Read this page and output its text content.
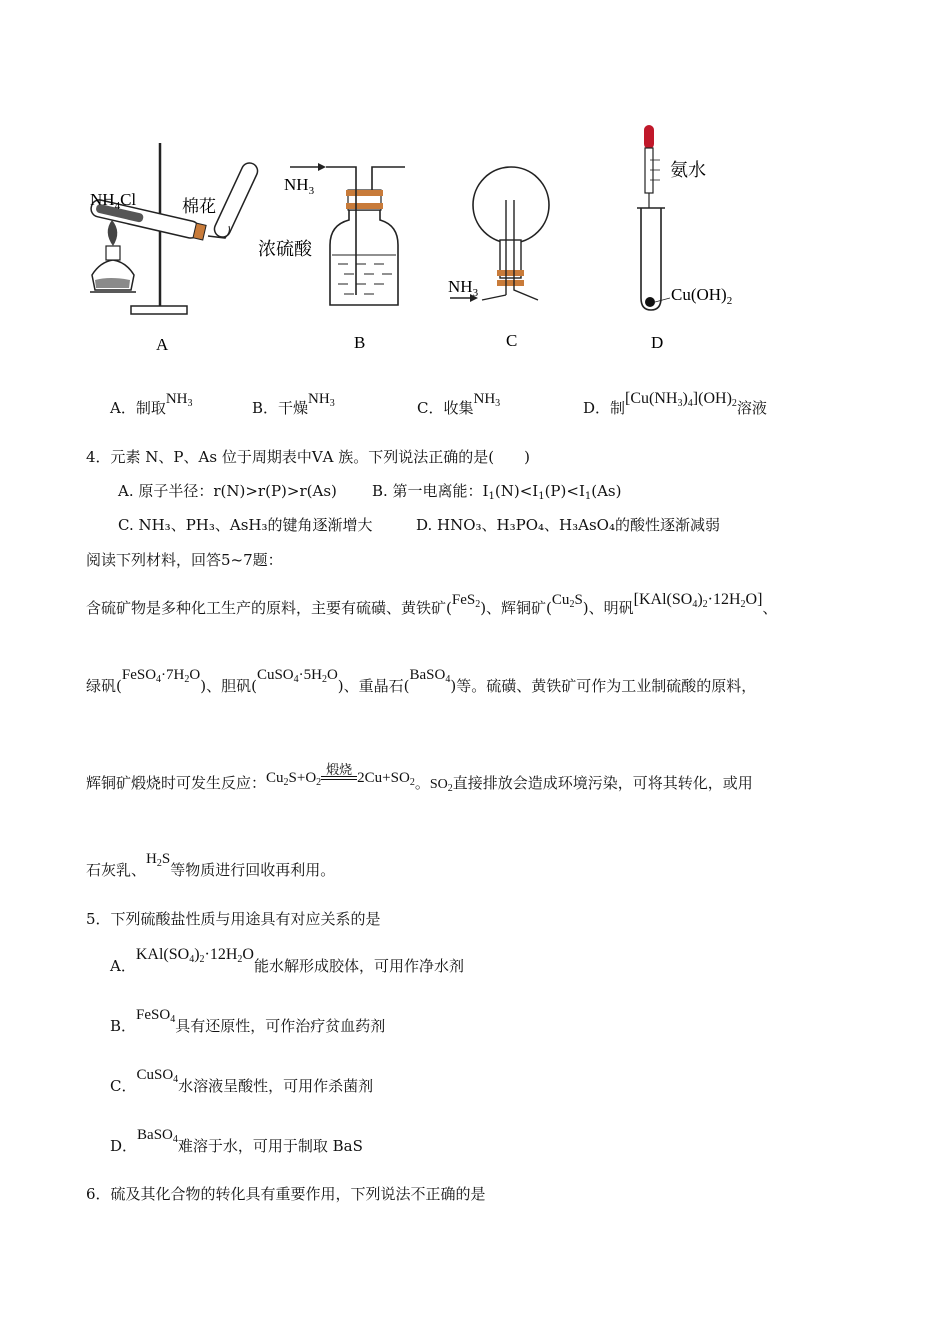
$NH_4Cl$	棉花
A
$NH_3$
浓硫酸
B
$NH_3$
C
氨水
$Cu(OH)_2$
D
A．制取$NH_3$	B．干燥$NH_3$	C．收集$NH_3$	D．制$[Cu(NH_3)_4](OH)_2$溶液
4．元素 N、P、As 位于周期表中ⅤA 族。下列说法正确的是(　　)
A. 原子半径：r(N)>r(P)>r(As) B. 第一电离能：$I_1(N)<I_1(P)<I_1(As)$
C. NH₃、PH₃、AsH₃的键角逐渐增大	D. HNO₃、H₃PO₄、H₃AsO₄的酸性逐渐减弱
阅读下列材料，回答5~7题：
含硫矿物是多种化工生产的原料，主要有硫磺、黄铁矿(FeS$_2$)、辉铜矿$(Cu_2S)$、明矾$[KAl(SO_4)_2\cdot 12H_2O]$、
绿矾$(FeSO_4\cdot 7H_2O)$、胆矾$(CuSO_4\cdot 5H_2O)$、重晶石(BaSO$_4$)等。硫磺、黄铁矿可作为工业制硫酸的原料，
辉铜矿煅烧时可发生反应：$Cu_2S+O_2$
煅烧
$2Cu+SO_2$。$SO_2$直接排放会造成环境污染，可将其转化，或用
石灰乳、$H_2S$等物质进行回收再利用。
5．下列硫酸盐性质与用途具有对应关系的是
A．$KAl(SO_4)_2\cdot 12H_2O$能水解形成胶体，可用作净水剂
B．FeSO$_4$具有还原性，可作治疗贫血药剂
C．CuSO$_4$水溶液呈酸性，可用作杀菌剂
D．BaSO$_4$难溶于水，可用于制取 BaS
6．硫及其化合物的转化具有重要作用，下列说法不正确的是
